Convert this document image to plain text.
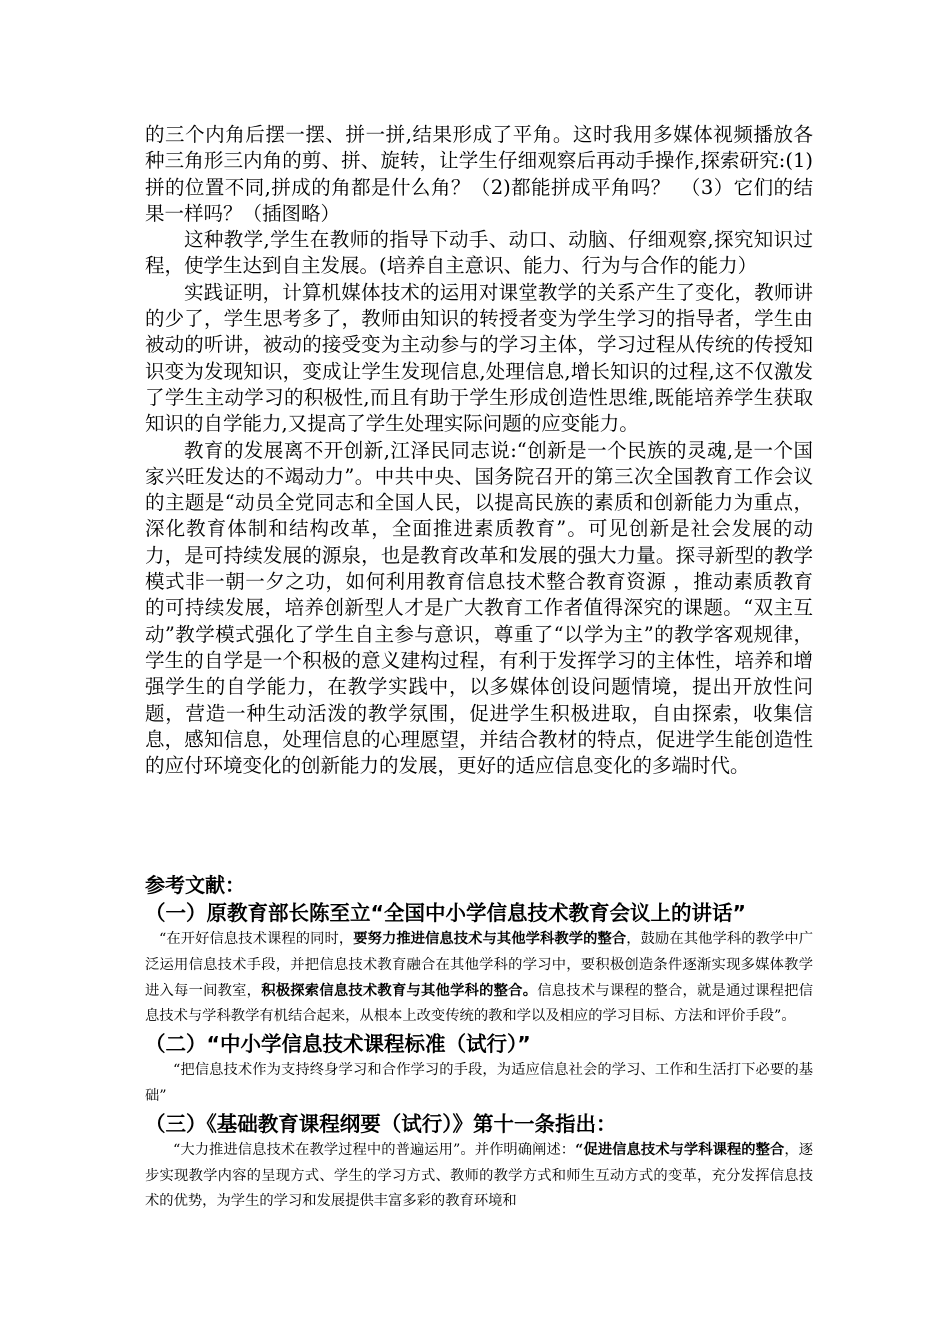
的三个内角后摆一摆、拼一拼,结果形成了平角。这时我用多媒体视频播放各种三角形三内角的剪、拼、旋转，让学生仔细观察后再动手操作,探索研究:(1)拼的位置不同,拼成的角都是什么角？（2)都能拼成平角吗？　（3）它们的结果一样吗？（插图略）

这种教学,学生在教师的指导下动手、动口、动脑、仔细观察,探究知识过程，使学生达到自主发展。(培养自主意识、能力、行为与合作的能力）

实践证明，计算机媒体技术的运用对课堂教学的关系产生了变化，教师讲的少了，学生思考多了，教师由知识的转授者变为学生学习的指导者，学生由被动的听讲，被动的接受变为主动参与的学习主体，学习过程从传统的传授知识变为发现知识，变成让学生发现信息,处理信息,增长知识的过程,这不仅激发了学生主动学习的积极性,而且有助于学生形成创造性思维,既能培养学生获取知识的自学能力,又提高了学生处理实际问题的应变能力。

教育的发展离不开创新,江泽民同志说:“创新是一个民族的灵魂,是一个国家兴旺发达的不竭动力”。中共中央、国务院召开的第三次全国教育工作会议的主题是“动员全党同志和全国人民，以提高民族的素质和创新能力为重点，深化教育体制和结构改革，全面推进素质教育”。可见创新是社会发展的动力，是可持续发展的源泉，也是教育改革和发展的强大力量。探寻新型的教学模式非一朝一夕之功，如何利用教育信息技术整合教育资源 ，推动素质教育的可持续发展，培养创新型人才是广大教育工作者值得深究的课题。“双主互动”教学模式强化了学生自主参与意识，尊重了“以学为主”的教学客观规律，学生的自学是一个积极的意义建构过程，有利于发挥学习的主体性，培养和增强学生的自学能力，在教学实践中，以多媒体创设问题情境，提出开放性问题，营造一种生动活泼的教学氛围，促进学生积极进取，自由探索，收集信息，感知信息，处理信息的心理愿望，并结合教材的特点，促进学生能创造性的应付环境变化的创新能力的发展，更好的适应信息变化的多端时代。

参考文献：

（一）原教育部长陈至立“全国中小学信息技术教育会议上的讲话”

“在开好信息技术课程的同时，要努力推进信息技术与其他学科教学的整合，鼓励在其他学科的教学中广泛运用信息技术手段，并把信息技术教育融合在其他学科的学习中，要积极创造条件逐渐实现多媒体教学进入每一间教室，积极探索信息技术教育与其他学科的整合。信息技术与课程的整合，就是通过课程把信息技术与学科教学有机结合起来，从根本上改变传统的教和学以及相应的学习目标、方法和评价手段”。

（二）“中小学信息技术课程标准（试行）”

“把信息技术作为支持终身学习和合作学习的手段，为适应信息社会的学习、工作和生活打下必要的基础”

（三）《基础教育课程纲要（试行）》第十一条指出：

“大力推进信息技术在教学过程中的普遍运用”。并作明确阐述：“促进信息技术与学科课程的整合，逐步实现教学内容的呈现方式、学生的学习方式、教师的教学方式和师生互动方式的变革，充分发挥信息技术的优势，为学生的学习和发展提供丰富多彩的教育环境和
